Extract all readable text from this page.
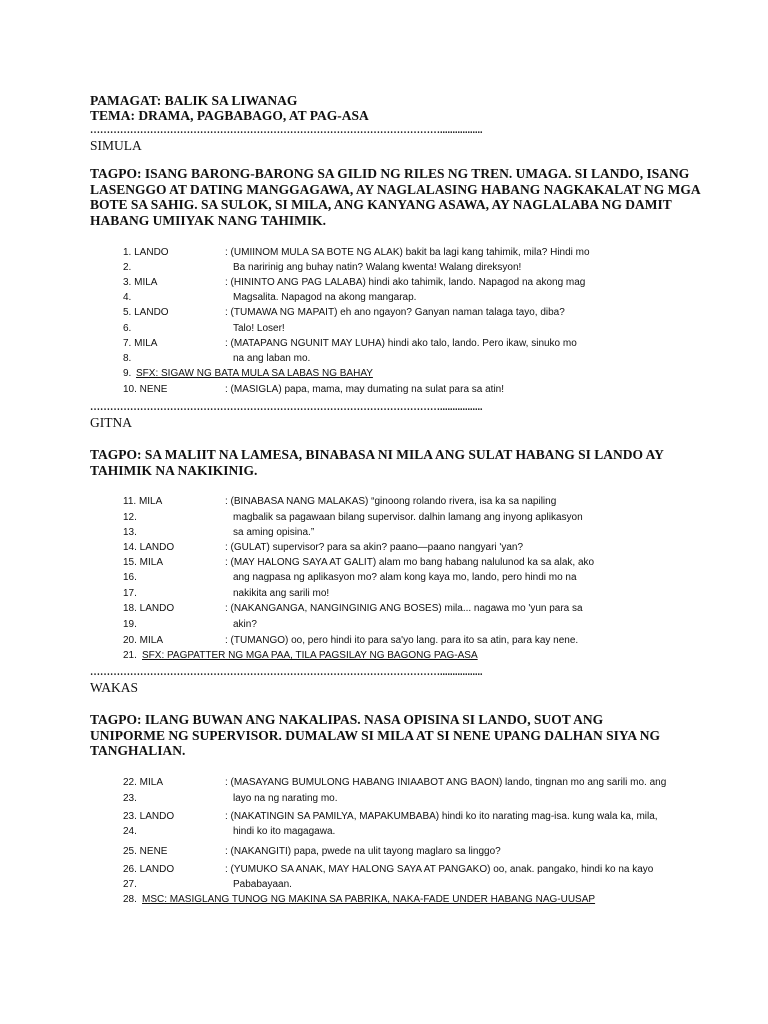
PAMAGAT: BALIK SA LIWANAG
TEMA: DRAMA, PAGBABAGO, AT PAG-ASA
…………………………………………………………………………………………….................
SIMULA
TAGPO: ISANG BARONG-BARONG SA GILID NG RILES NG TREN. UMAGA. SI LANDO, ISANG
LASENGGO AT DATING MANGGAGAWA, AY NAGLALASING HABANG NAGKAKALAT NG MGA
BOTE SA SAHIG. SA SULOK, SI MILA, ANG KANYANG ASAWA, AY NAGLALABA NG DAMIT
HABANG UMIIYAK NANG TAHIMIK.
1. LANDO	: (UMIINOM MULA SA BOTE NG ALAK) bakit ba lagi kang tahimik, mila? Hindi mo
2.	Ba naririnig ang buhay natin? Walang kwenta! Walang direksyon!
3. MILA	: (HININTO ANG PAG LALABA) hindi ako tahimik, lando. Napagod na akong mag
4.	Magsalita. Napagod na akong mangarap.
5. LANDO	: (TUMAWA NG MAPAIT) eh ano ngayon? Ganyan naman talaga tayo, diba?
6.	Talo! Loser!
7. MILA	: (MATAPANG NGUNIT MAY LUHA) hindi ako talo, lando. Pero ikaw, sinuko mo
8.	na ang laban mo.
9. SFX: SIGAW NG BATA MULA SA LABAS NG BAHAY
10. NENE	: (MASIGLA) papa, mama, may dumating na sulat para sa atin!
…………………………………………………………………………………………….................
GITNA
TAGPO: SA MALIIT NA LAMESA, BINABASA NI MILA ANG SULAT HABANG SI LANDO AY
TAHIMIK NA NAKIKINIG.
11. MILA	: (BINABASA NANG MALAKAS) “ginoong rolando rivera, isa ka sa napiling
12.	magbalik sa pagawaan bilang supervisor. dalhin lamang ang inyong aplikasyon
13.	sa aming opisina.”
14. LANDO	: (GULAT) supervisor? para sa akin? paano—paano nangyari 'yan?
15. MILA	: (MAY HALONG SAYA AT GALIT) alam mo bang habang nalulunod ka sa alak, ako
16.	ang nagpasa ng aplikasyon mo? alam kong kaya mo, lando, pero hindi mo na
17.	nakikita ang sarili mo!
18. LANDO	: (NAKANGANGA, NANGINGINIG ANG BOSES) mila... nagawa mo 'yun para sa
19.	akin?
20. MILA	: (TUMANGO) oo, pero hindi ito para sa'yo lang. para ito sa atin, para kay nene.
21. SFX: PAGPATTER NG MGA PAA, TILA PAGSILAY NG BAGONG PAG-ASA
…………………………………………………………………………………………….................
WAKAS
TAGPO: ILANG BUWAN ANG NAKALIPAS. NASA OPISINA SI LANDO, SUOT ANG
UNIPORME NG SUPERVISOR. DUMALAW SI MILA AT SI NENE UPANG DALHAN SIYA NG
TANGHALIAN.
22. MILA	: (MASAYANG BUMULONG HABANG INIAABOT ANG BAON) lando, tingnan mo ang sarili mo. ang
23.	layo na ng narating mo.
23. LANDO	: (NAKATINGIN SA PAMILYA, MAPAKUMBABA) hindi ko ito narating mag-isa. kung wala ka, mila,
24.	hindi ko ito magagawa.
25. NENE	: (NAKANGITI) papa, pwede na ulit tayong maglaro sa linggo?
26. LANDO	: (YUMUKO SA ANAK, MAY HALONG SAYA AT PANGAKO) oo, anak. pangako, hindi ko na kayo
27.	Pababayaan.
28. MSC: MASIGLANG TUNOG NG MAKINA SA PABRIKA, NAKA-FADE UNDER HABANG NAG-UUSAP
